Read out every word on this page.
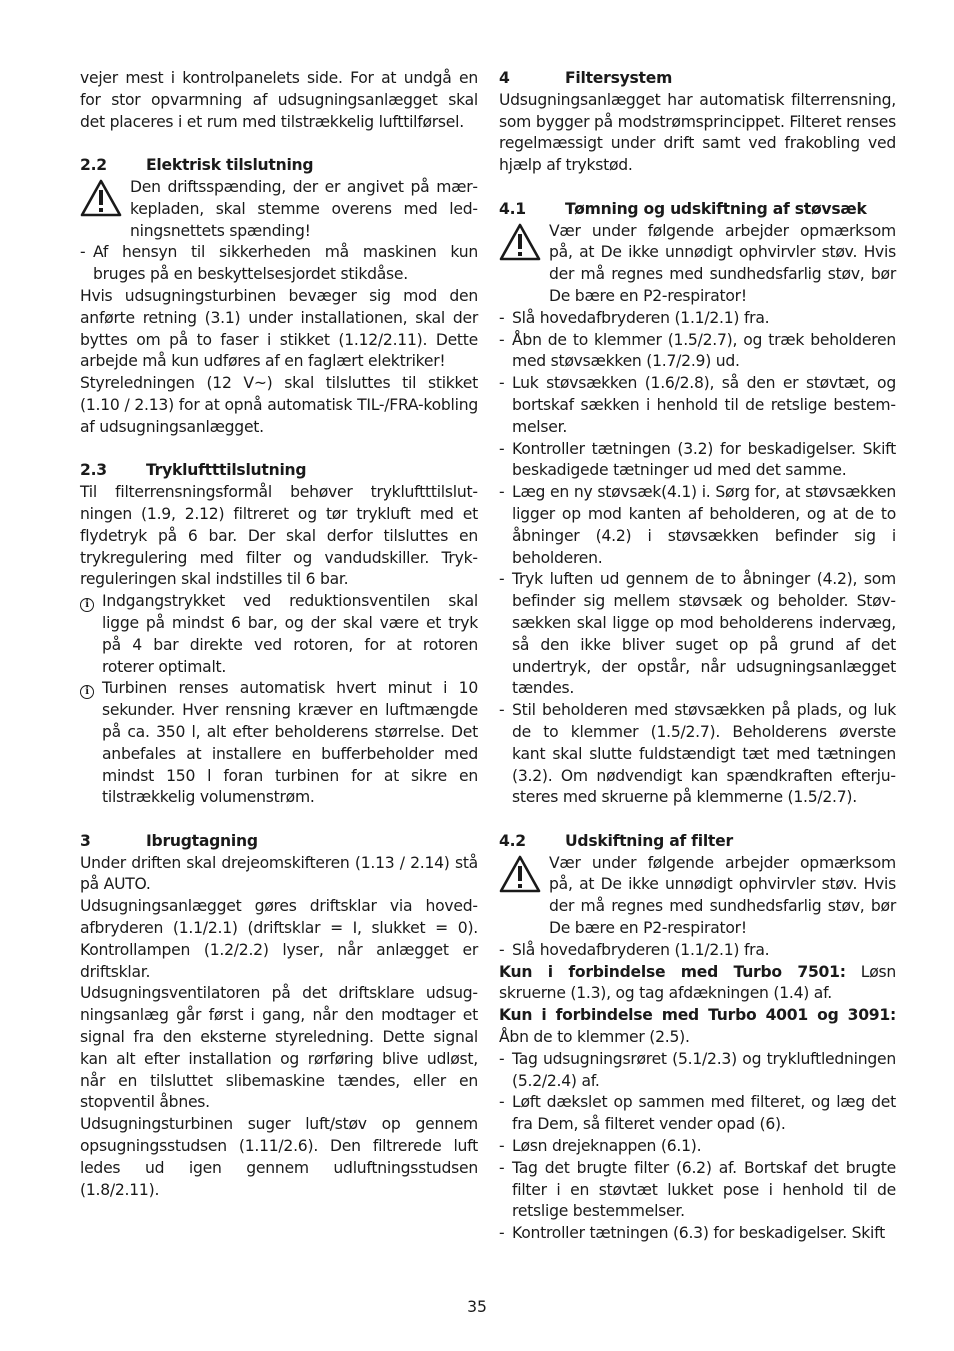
vejer mest i kontrolpanelets side. For at undgå en for stor opvarmning af udsugningsanlægget skal det placeres i et rum med tilstrækkelig lufttilførsel.

2.2	Elektrisk tilslutning
Den driftsspænding, der er angivet på mærkepladen, skal stemme overens med ledningsnettets spænding!
- Af hensyn til sikkerheden må maskinen kun bruges på en beskyttelsesjordet stikdåse.

Hvis udsugningsturbinen bevæger sig mod den anførte retning (3.1) under installationen, skal der byttes om på to faser i stikket (1.12/2.11). Dette arbejde må kun udføres af en faglært elektriker!

Styreledningen (12 V~) skal tilsluttes til stikket (1.10 / 2.13) for at opnå automatisk TIL-/FRA-kobling af udsugningsanlægget.

2.3	Trykluftttilslutning

Til filterrensningsformål behøver trykluftttilslutningen (1.9, 2.12) filtreret og tør trykluft med et flydetryk på 6 bar. Der skal derfor tilsluttes en trykregulering med filter og vandudskiller. Trykreguleringen skal indstilles til 6 bar.

i Indgangstrykket ved reduktionsventilen skal ligge på mindst 6 bar, og der skal være et tryk på 4 bar direkte ved rotoren, for at rotoren roterer optimalt.
i Turbinen renses automatisk hvert minut i 10 sekunder. Hver rensning kræver en luftmængde på ca. 350 l, alt efter beholderens størrelse. Det anbefales at installere en bufferbeholder med mindst 150 l foran turbinen for at sikre en tilstrækkelig volumenstrøm.
3	Ibrugtagning

Under driften skal drejeomskifteren (1.13 / 2.14) stå på AUTO.

Udsugningsanlægget gøres driftsklar via hovedafbryderen (1.1/2.1) (driftsklar = I, slukket = 0). Kontrollampen (1.2/2.2) lyser, når anlægget er driftsklar.

Udsugningsventilatoren på det driftsklare udsugningsanlæg går først i gang, når den modtager et signal fra den eksterne styreledning. Dette signal kan alt efter installation og rørføring blive udløst, når en tilsluttet slibemaskine tændes, eller en stopventil åbnes.

Udsugningsturbinen suger luft/støv op gennem opsugningsstudsen (1.11/2.6). Den filtrerede luft ledes ud igen gennem udluftningsstudsen (1.8/2.11).

4	Filtersystem

Udsugningsanlægget har automatisk filterrensning, som bygger på modstrømsprincippet. Filteret renses regelmæssigt under drift samt ved frakobling ved hjælp af trykstød.

4.1	Tømning og udskiftning af støvsæk
Vær under følgende arbejder opmærksom på, at De ikke unnødigt ophvirvler støv. Hvis der må regnes med sundhedsfarlig støv, bør De bære en P2-respirator!
- Slå hovedafbryderen (1.1/2.1) fra.
- Åbn de to klemmer (1.5/2.7), og træk beholderen med støvsækken (1.7/2.9) ud.
- Luk støvsækken (1.6/2.8), så den er støvtæt, og bortskaf sækken i henhold til de retslige bestemmelser.
- Kontroller tætningen (3.2) for beskadigelser. Skift beskadigede tætninger ud med det samme.
- Læg en ny støvsæk(4.1) i. Sørg for, at støvsækken ligger op mod kanten af beholderen, og at de to åbninger (4.2) i støvsækken befinder sig i beholderen.
- Tryk luften ud gennem de to åbninger (4.2), som befinder sig mellem støvsæk og beholder. Støvsækken skal ligge op mod beholderens indervæg, så den ikke bliver suget op på grund af det undertryk, der opstår, når udsugningsanlægget tændes.
- Stil beholderen med støvsækken på plads, og luk de to klemmer (1.5/2.7). Beholderens øverste kant skal slutte fuldstændigt tæt med tætningen (3.2). Om nødvendigt kan spændkraften efterjusteres med skruerne på klemmerne (1.5/2.7).
4.2	Udskiftning af filter
Vær under følgende arbejder opmærksom på, at De ikke unnødigt ophvirvler støv. Hvis der må regnes med sundhedsfarlig støv, bør De bære en P2-respirator!
- Slå hovedafbryderen (1.1/2.1) fra.

Kun i forbindelse med Turbo 7501: Løsn skruerne (1.3), og tag afdækningen (1.4) af.

Kun i forbindelse med Turbo 4001 og 3091: Åbn de to klemmer (2.5).

- Tag udsugningsrøret (5.1/2.3) og trykluftledningen (5.2/2.4) af.
- Løft dækslet op sammen med filteret, og læg det fra Dem, så filteret vender opad (6).
- Løsn drejeknappen (6.1).
- Tag det brugte filter (6.2) af. Bortskaf det brugte filter i en støvtæt lukket pose i henhold til de retslige bestemmelser.
- Kontroller tætningen (6.3) for beskadigelser. Skift
35
